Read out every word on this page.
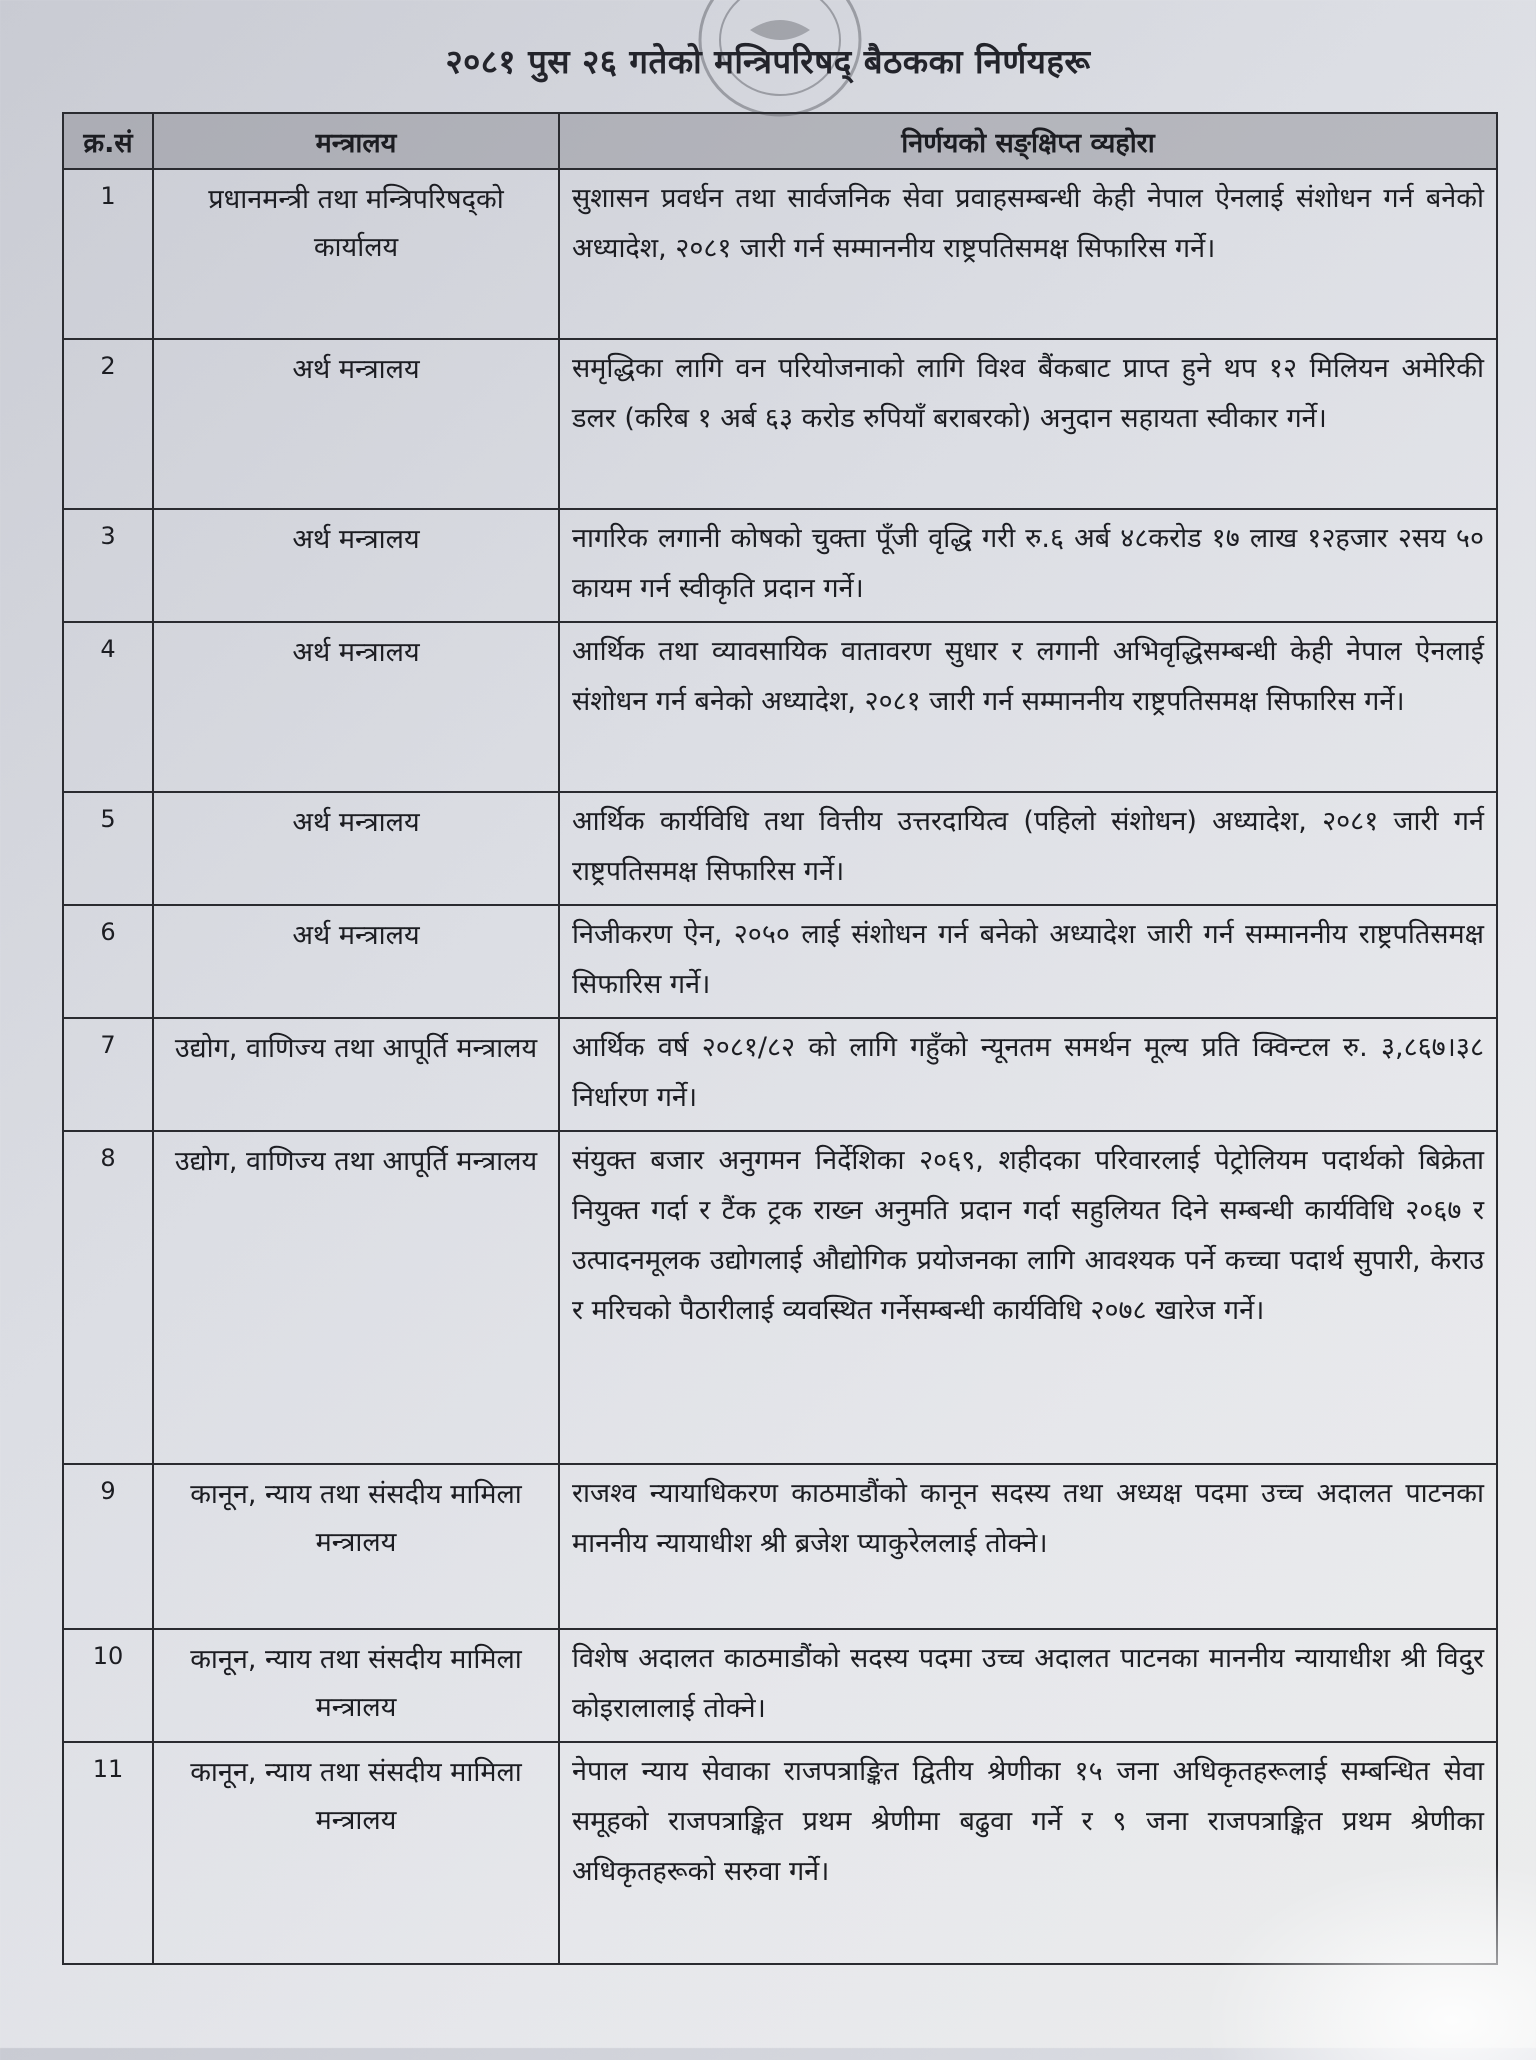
२०८१ पुस २६ गतेको मन्त्रिपरिषद् बैठकका निर्णयहरू
क्र.सं	मन्त्रालय	निर्णयको सङ्क्षिप्त व्यहोरा
1	प्रधानमन्त्री तथा मन्त्रिपरिषद्को कार्यालय	सुशासन प्रवर्धन तथा सार्वजनिक सेवा प्रवाहसम्बन्धी केही नेपाल ऐनलाई संशोधन गर्न बनेको अध्यादेश, २०८१ जारी गर्न सम्माननीय राष्ट्रपतिसमक्ष सिफारिस गर्ने।
2	अर्थ मन्त्रालय	समृद्धिका लागि वन परियोजनाको लागि विश्व बैंकबाट प्राप्त हुने थप १२ मिलियन अमेरिकी डलर (करिब १ अर्ब ६३ करोड रुपियाँ बराबरको) अनुदान सहायता स्वीकार गर्ने।
3	अर्थ मन्त्रालय	नागरिक लगानी कोषको चुक्ता पूँजी वृद्धि गरी रु.६ अर्ब ४८करोड १७ लाख १२हजार २सय ५० कायम गर्न स्वीकृति प्रदान गर्ने।
4	अर्थ मन्त्रालय	आर्थिक तथा व्यावसायिक वातावरण सुधार र लगानी अभिवृद्धिसम्बन्धी केही नेपाल ऐनलाई संशोधन गर्न बनेको अध्यादेश, २०८१ जारी गर्न सम्माननीय राष्ट्रपतिसमक्ष सिफारिस गर्ने।
5	अर्थ मन्त्रालय	आर्थिक कार्यविधि तथा वित्तीय उत्तरदायित्व (पहिलो संशोधन) अध्यादेश, २०८१ जारी गर्न राष्ट्रपतिसमक्ष सिफारिस गर्ने।
6	अर्थ मन्त्रालय	निजीकरण ऐन, २०५० लाई संशोधन गर्न बनेको अध्यादेश जारी गर्न सम्माननीय राष्ट्रपतिसमक्ष सिफारिस गर्ने।
7	उद्योग, वाणिज्य तथा आपूर्ति मन्त्रालय	आर्थिक वर्ष २०८१/८२ को लागि गहुँको न्यूनतम समर्थन मूल्य प्रति क्विन्टल रु. ३,८६७।३८ निर्धारण गर्ने।
8	उद्योग, वाणिज्य तथा आपूर्ति मन्त्रालय	संयुक्त बजार अनुगमन निर्देशिका २०६९, शहीदका परिवारलाई पेट्रोलियम पदार्थको बिक्रेता नियुक्त गर्दा र टैंक ट्रक राख्न अनुमति प्रदान गर्दा सहुलियत दिने सम्बन्धी कार्यविधि २०६७ र उत्पादनमूलक उद्योगलाई औद्योगिक प्रयोजनका लागि आवश्यक पर्ने कच्चा पदार्थ सुपारी, केराउ र मरिचको पैठारीलाई व्यवस्थित गर्नेसम्बन्धी कार्यविधि २०७८ खारेज गर्ने।
9	कानून, न्याय तथा संसदीय मामिला मन्त्रालय	राजश्व न्यायाधिकरण काठमाडौंको कानून सदस्य तथा अध्यक्ष पदमा उच्च अदालत पाटनका माननीय न्यायाधीश श्री ब्रजेश प्याकुरेललाई तोक्ने।
10	कानून, न्याय तथा संसदीय मामिला मन्त्रालय	विशेष अदालत काठमाडौंको सदस्य पदमा उच्च अदालत पाटनका माननीय न्यायाधीश श्री विदुर कोइरालालाई तोक्ने।
11	कानून, न्याय तथा संसदीय मामिला मन्त्रालय	नेपाल न्याय सेवाका राजपत्राङ्कित द्वितीय श्रेणीका १५ जना अधिकृतहरूलाई सम्बन्धित सेवा समूहको राजपत्राङ्कित प्रथम श्रेणीमा बढुवा गर्ने र ९ जना राजपत्राङ्कित प्रथम श्रेणीका अधिकृतहरूको सरुवा गर्ने।
